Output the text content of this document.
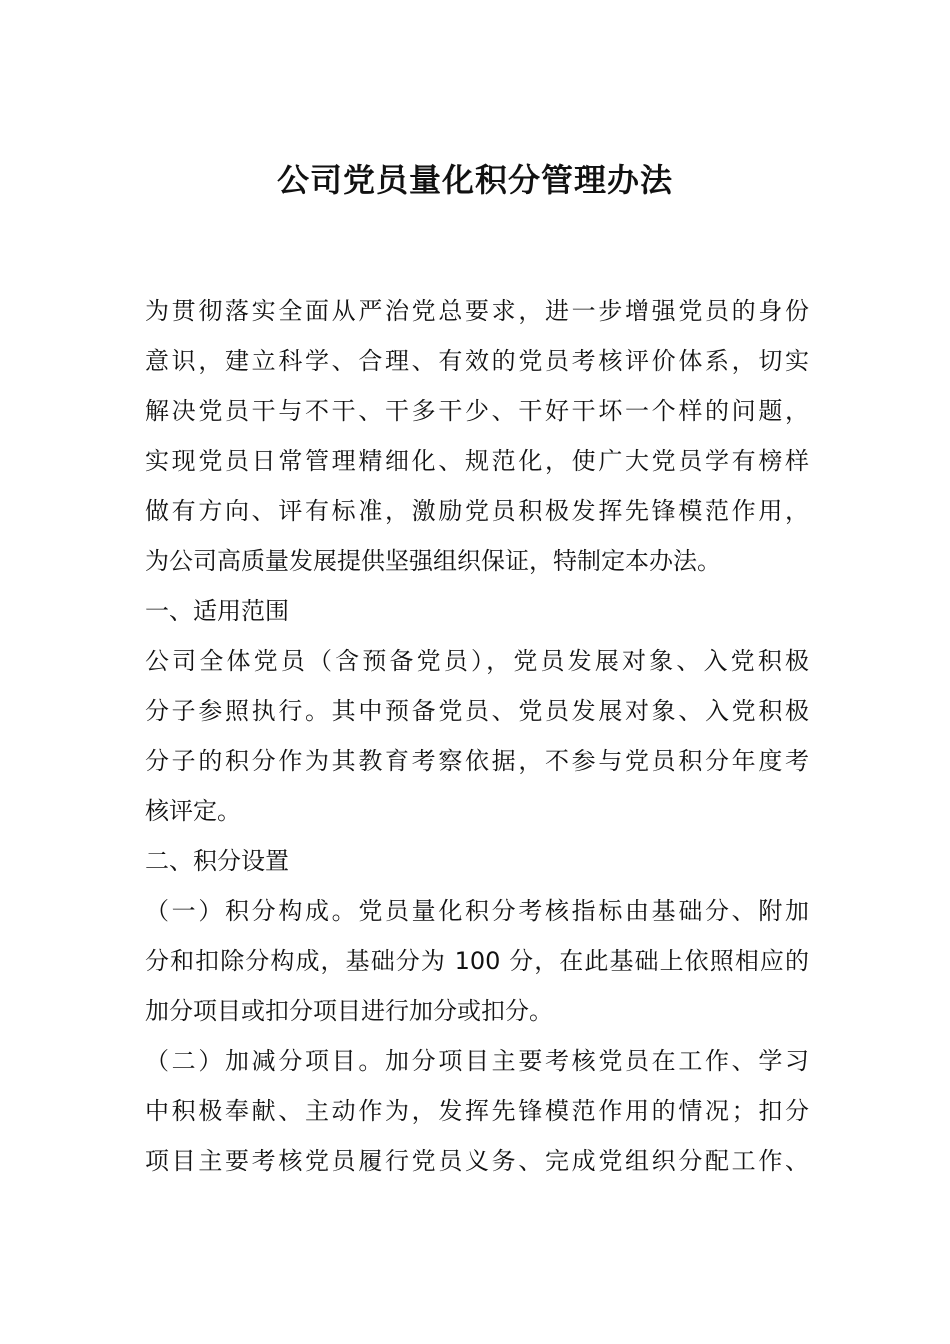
公司党员量化积分管理办法
为贯彻落实全面从严治党总要求，进一步增强党员的身份
意识，建立科学、合理、有效的党员考核评价体系，切实
解决党员干与不干、干多干少、干好干坏一个样的问题，
实现党员日常管理精细化、规范化，使广大党员学有榜样
做有方向、评有标准，激励党员积极发挥先锋模范作用，
为公司高质量发展提供坚强组织保证，特制定本办法。
一、适用范围
公司全体党员（含预备党员），党员发展对象、入党积极
分子参照执行。其中预备党员、党员发展对象、入党积极
分子的积分作为其教育考察依据，不参与党员积分年度考
核评定。
二、积分设置
（一）积分构成。党员量化积分考核指标由基础分、附加
分和扣除分构成，基础分为 100 分，在此基础上依照相应的
加分项目或扣分项目进行加分或扣分。
（二）加减分项目。加分项目主要考核党员在工作、学习
中积极奉献、主动作为，发挥先锋模范作用的情况；扣分
项目主要考核党员履行党员义务、完成党组织分配工作、
